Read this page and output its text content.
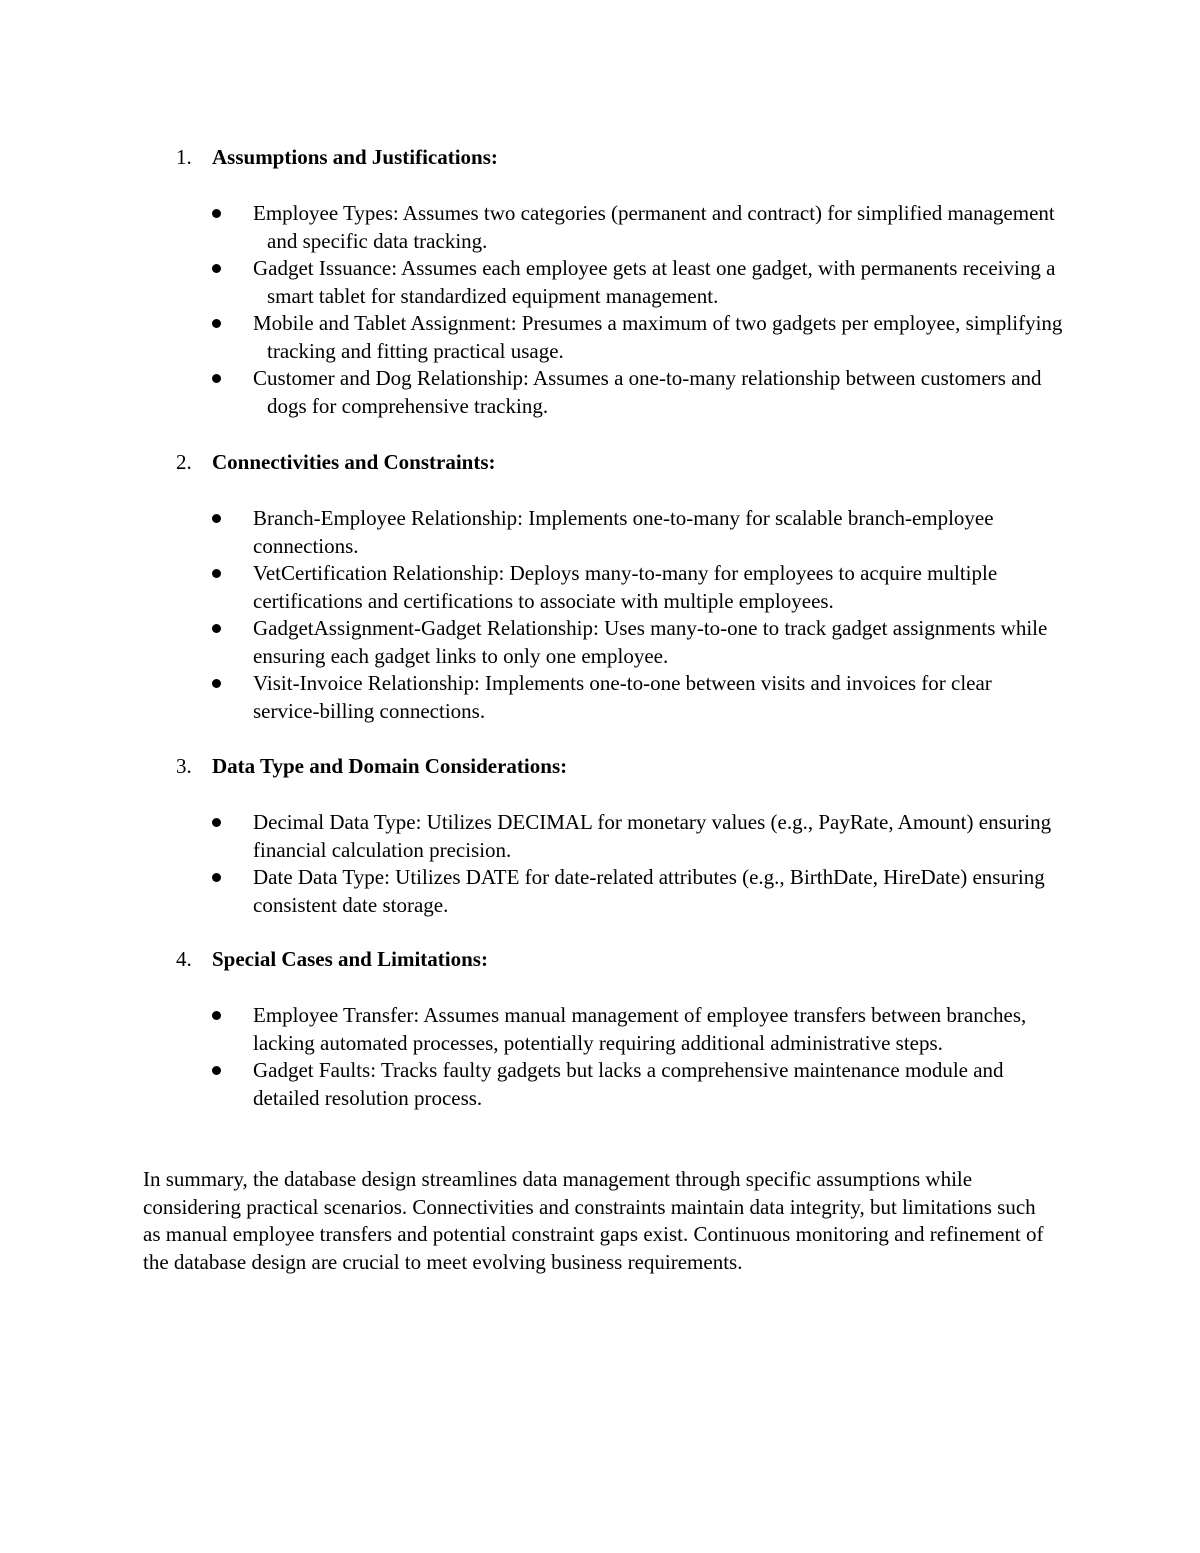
1. Assumptions and Justifications:
Employee Types: Assumes two categories (permanent and contract) for simplified management and specific data tracking.
Gadget Issuance: Assumes each employee gets at least one gadget, with permanents receiving a smart tablet for standardized equipment management.
Mobile and Tablet Assignment: Presumes a maximum of two gadgets per employee, simplifying tracking and fitting practical usage.
Customer and Dog Relationship: Assumes a one-to-many relationship between customers and dogs for comprehensive tracking.
2. Connectivities and Constraints:
Branch-Employee Relationship: Implements one-to-many for scalable branch-employee connections.
VetCertification Relationship: Deploys many-to-many for employees to acquire multiple certifications and certifications to associate with multiple employees.
GadgetAssignment-Gadget Relationship: Uses many-to-one to track gadget assignments while ensuring each gadget links to only one employee.
Visit-Invoice Relationship: Implements one-to-one between visits and invoices for clear service-billing connections.
3. Data Type and Domain Considerations:
Decimal Data Type: Utilizes DECIMAL for monetary values (e.g., PayRate, Amount) ensuring financial calculation precision.
Date Data Type: Utilizes DATE for date-related attributes (e.g., BirthDate, HireDate) ensuring consistent date storage.
4. Special Cases and Limitations:
Employee Transfer: Assumes manual management of employee transfers between branches, lacking automated processes, potentially requiring additional administrative steps.
Gadget Faults: Tracks faulty gadgets but lacks a comprehensive maintenance module and detailed resolution process.

In summary, the database design streamlines data management through specific assumptions while considering practical scenarios. Connectivities and constraints maintain data integrity, but limitations such as manual employee transfers and potential constraint gaps exist. Continuous monitoring and refinement of the database design are crucial to meet evolving business requirements.
